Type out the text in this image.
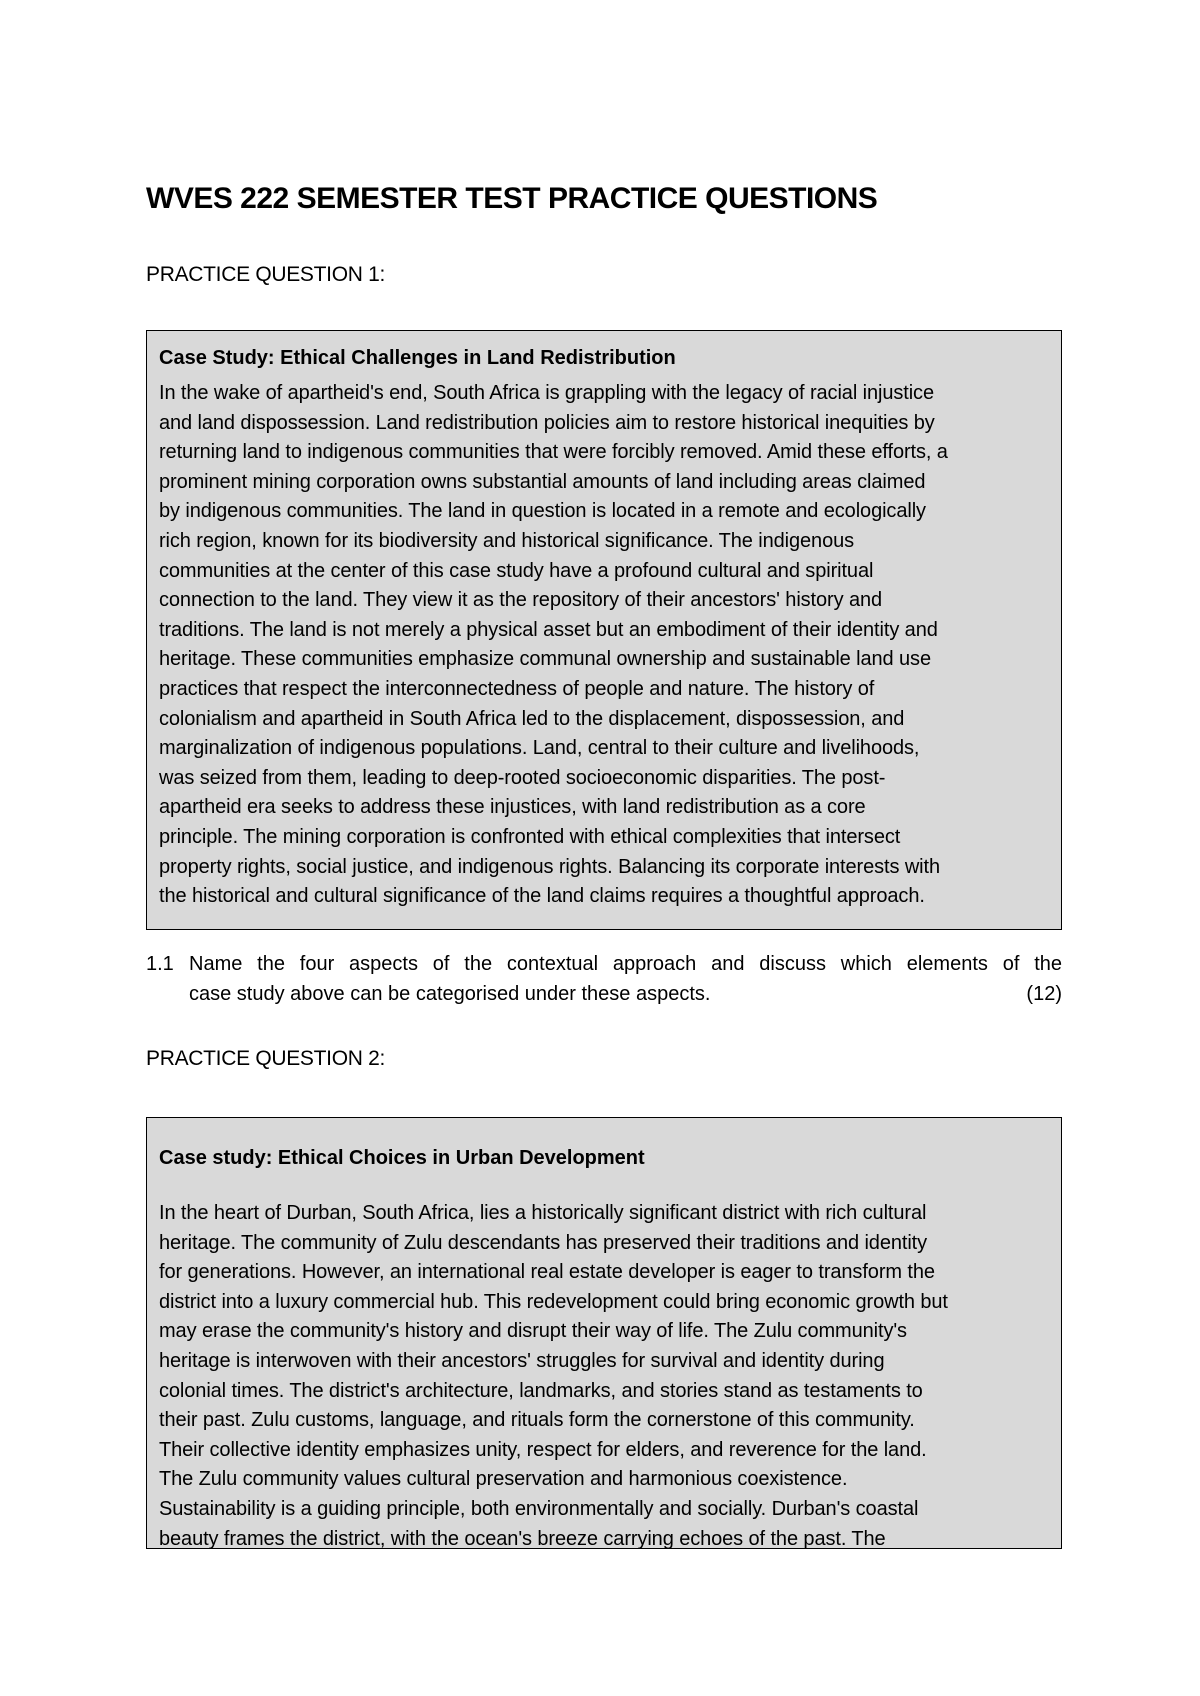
WVES 222 SEMESTER TEST PRACTICE QUESTIONS
PRACTICE QUESTION 1:
Case Study: Ethical Challenges in Land Redistribution

In the wake of apartheid's end, South Africa is grappling with the legacy of racial injustice
and land dispossession. Land redistribution policies aim to restore historical inequities by
returning land to indigenous communities that were forcibly removed. Amid these efforts, a
prominent mining corporation owns substantial amounts of land including areas claimed
by indigenous communities. The land in question is located in a remote and ecologically
rich region, known for its biodiversity and historical significance. The indigenous
communities at the center of this case study have a profound cultural and spiritual
connection to the land. They view it as the repository of their ancestors' history and
traditions. The land is not merely a physical asset but an embodiment of their identity and
heritage. These communities emphasize communal ownership and sustainable land use
practices that respect the interconnectedness of people and nature. The history of
colonialism and apartheid in South Africa led to the displacement, dispossession, and
marginalization of indigenous populations. Land, central to their culture and livelihoods,
was seized from them, leading to deep-rooted socioeconomic disparities. The post-
apartheid era seeks to address these injustices, with land redistribution as a core
principle. The mining corporation is confronted with ethical complexities that intersect
property rights, social justice, and indigenous rights. Balancing its corporate interests with
the historical and cultural significance of the land claims requires a thoughtful approach.

1.1 Name the four aspects of the contextual approach and discuss which elements of the
case study above can be categorised under these aspects.	(12)
PRACTICE QUESTION 2:
Case study: Ethical Choices in Urban Development

In the heart of Durban, South Africa, lies a historically significant district with rich cultural
heritage. The community of Zulu descendants has preserved their traditions and identity
for generations. However, an international real estate developer is eager to transform the
district into a luxury commercial hub. This redevelopment could bring economic growth but
may erase the community's history and disrupt their way of life. The Zulu community's
heritage is interwoven with their ancestors' struggles for survival and identity during
colonial times. The district's architecture, landmarks, and stories stand as testaments to
their past. Zulu customs, language, and rituals form the cornerstone of this community.
Their collective identity emphasizes unity, respect for elders, and reverence for the land.
The Zulu community values cultural preservation and harmonious coexistence.
Sustainability is a guiding principle, both environmentally and socially. Durban's coastal
beauty frames the district, with the ocean's breeze carrying echoes of the past. The
